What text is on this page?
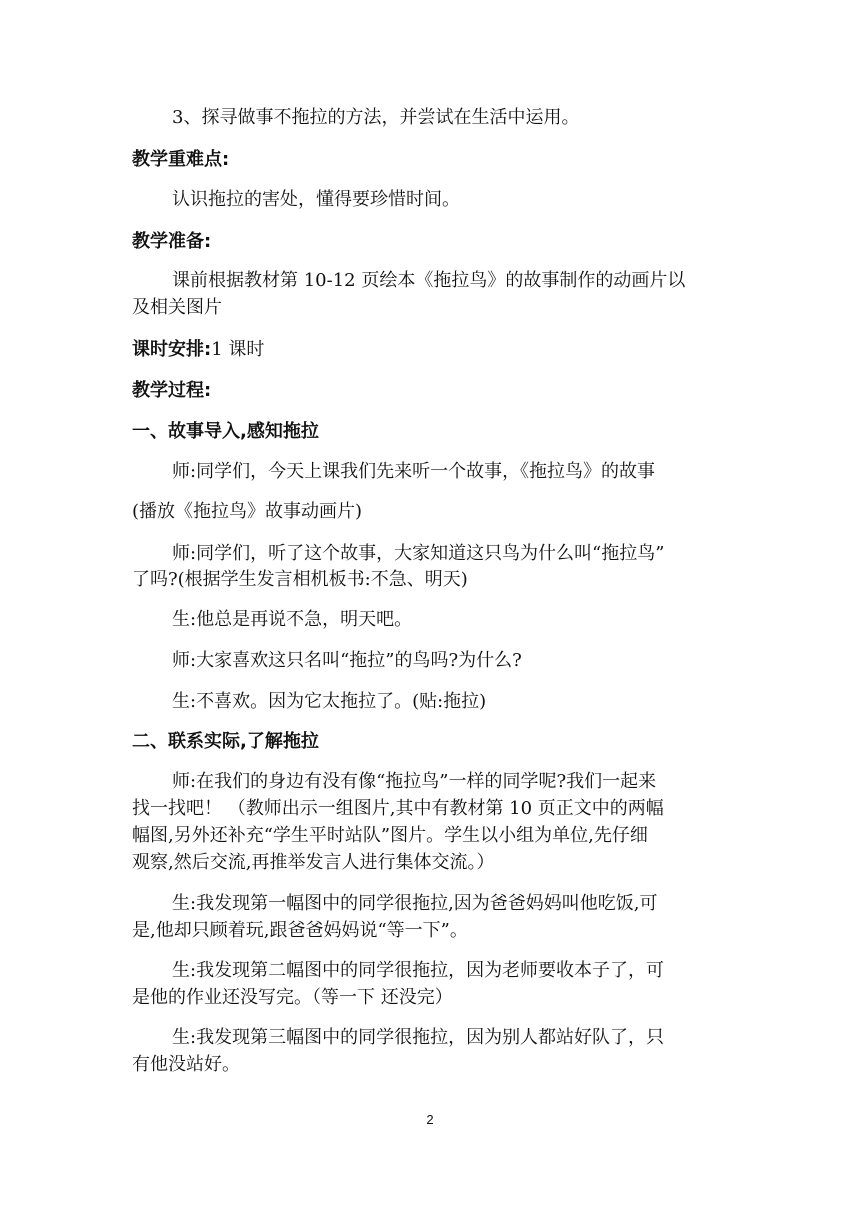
3、探寻做事不拖拉的方法，并尝试在生活中运用。
教学重难点:
认识拖拉的害处，懂得要珍惜时间。
教学准备:
课前根据教材第 10-12 页绘本《拖拉鸟》的故事制作的动画片以
及相关图片
课时安排:1 课时
教学过程:
一、故事导入,感知拖拉
师:同学们，今天上课我们先来听一个故事，《拖拉鸟》的故事
(播放《拖拉鸟》故事动画片)
师:同学们，听了这个故事，大家知道这只鸟为什么叫“拖拉鸟”
了吗?(根据学生发言相机板书:不急、明天)
生:他总是再说不急，明天吧。
师:大家喜欢这只名叫“拖拉”的鸟吗?为什么?
生:不喜欢。因为它太拖拉了。(贴:拖拉)
二、联系实际,了解拖拉
师:在我们的身边有没有像“拖拉鸟”一样的同学呢?我们一起来
找一找吧！ （教师出示一组图片,其中有教材第 10 页正文中的两幅
幅图,另外还补充“学生平时站队”图片。学生以小组为单位,先仔细
观察,然后交流,再推举发言人进行集体交流。）
生:我发现第一幅图中的同学很拖拉,因为爸爸妈妈叫他吃饭,可
是,他却只顾着玩,跟爸爸妈妈说“等一下”。
生:我发现第二幅图中的同学很拖拉，因为老师要收本子了，可
是他的作业还没写完。（等一下 还没完）
生:我发现第三幅图中的同学很拖拉，因为别人都站好队了，只
有他没站好。
2
